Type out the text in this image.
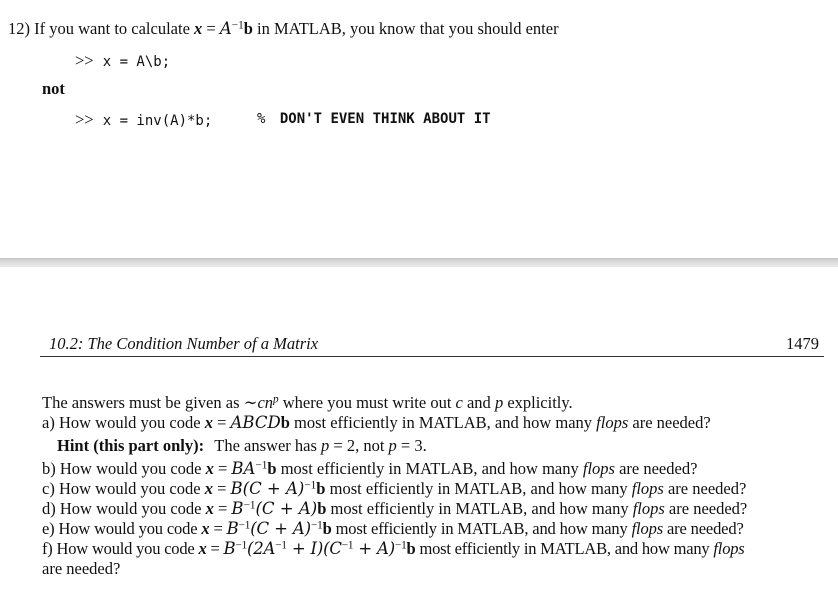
12) If you want to calculate $x = A^{-1}b$ in MATLAB, you know that you should enter
>> x = A\b;
not
>> x = inv(A)*b;	% DON'T EVEN THINK ABOUT IT
10.2: The Condition Number of a Matrix	1479
The answers must be given as $\sim cn^p$ where you must write out c and p explicitly.
a) How would you code x = ABCDb most efficiently in MATLAB, and how many flops are needed?
Hint (this part only): The answer has p = 2, not p = 3.
b) How would you code $x = BA^{-1}b$ most efficiently in MATLAB, and how many flops are needed?
c) How would you code $x = B(C + A)^{-1}b$ most efficiently in MATLAB, and how many flops are needed?
d) How would you code $x = B^{-1}(C + A)b$ most efficiently in MATLAB, and how many flops are needed?
e) How would you code $x = B^{-1}(C + A)^{-1}b$ most efficiently in MATLAB, and how many flops are needed?
f) How would you code $x = B^{-1}(2A^{-1} + I)(C^{-1} + A)^{-1}b$ most efficiently in MATLAB, and how many flops
are needed?
